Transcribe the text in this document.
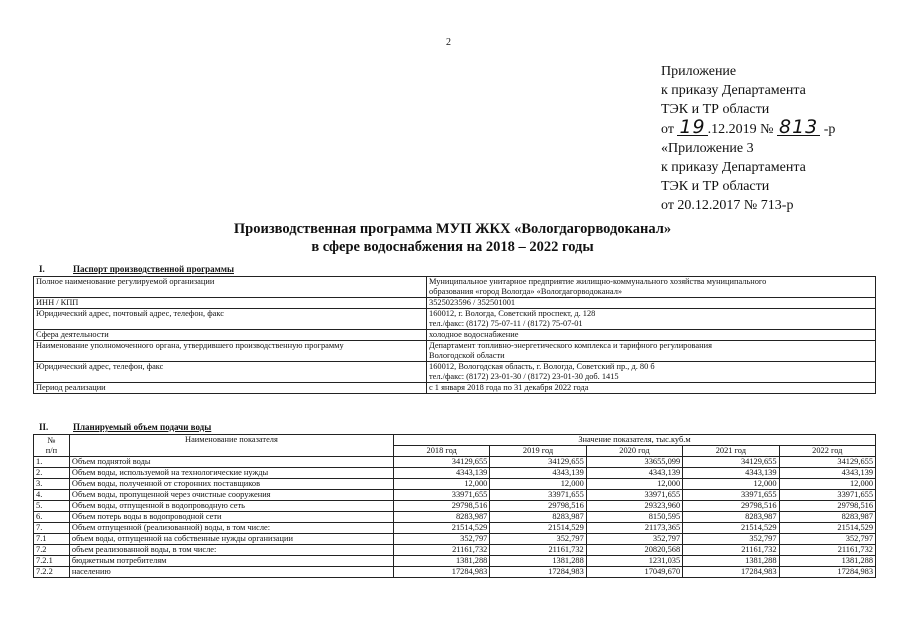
2
Приложение
к приказу Департамента
ТЭК и ТР области
от 19 .12.2019 № 813 -р
«Приложение 3
к приказу Департамента
ТЭК и ТР области
от 20.12.2017 № 713-р
Производственная программа МУП ЖКХ «Вологдагорводоканал»
в сфере водоснабжения на 2018 – 2022 годы
I.	Паспорт производственной программы
Полное наименование регулируемой организации	Муниципальное унитарное предприятие жилищно-коммунального хозяйства муниципального
образования «город Вологда» «Вологдагорводоканал»

ИНН / КПП	3525023596 / 352501001

Юридический адрес, почтовый адрес, телефон, факс	160012, г. Вологда, Советский проспект, д. 128
тел./факс: (8172) 75-07-11 / (8172) 75-07-01

Сфера деятельности	холодное водоснабжение

Наименование уполномоченного органа, утвердившего производственную программу	Департамент топливно-энергетического комплекса и тарифного регулирования
Вологодской области

Юридический адрес, телефон, факс	160012, Вологодская область, г. Вологда, Советский пр., д. 80 б
тел./факс: (8172) 23-01-30 / (8172) 23-01-30 доб. 1415

Период реализации	с 1 января 2018 года по 31 декабря 2022 года
II.	Планируемый объем подачи воды
№
п/п	Наименование показателя	Значение показателя, тыс.куб.м				
		2018 год	2019 год	2020 год	2021 год	2022 год
1.	Объем поднятой воды	34129,655	34129,655	33655,099	34129,655	34129,655
2.	Объем воды, используемой на технологические нужды	4343,139	4343,139	4343,139	4343,139	4343,139
3.	Объем воды, полученной от сторонних поставщиков	12,000	12,000	12,000	12,000	12,000
4.	Объем воды, пропущенной через очистные сооружения	33971,655	33971,655	33971,655	33971,655	33971,655
5.	Объем воды, отпущенной в водопроводную сеть	29798,516	29798,516	29323,960	29798,516	29798,516
6.	Объем потерь воды в водопроводной сети	8283,987	8283,987	8150,595	8283,987	8283,987
7.	Объем отпущенной (реализованной) воды, в том числе:	21514,529	21514,529	21173,365	21514,529	21514,529
7.1	объем воды, отпущенной на собственные нужды организации	352,797	352,797	352,797	352,797	352,797
7.2	объем реализованной воды, в том числе:	21161,732	21161,732	20820,568	21161,732	21161,732
7.2.1	бюджетным потребителям	1381,288	1381,288	1231,035	1381,288	1381,288
7.2.2	населению	17284,983	17284,983	17049,670	17284,983	17284,983
